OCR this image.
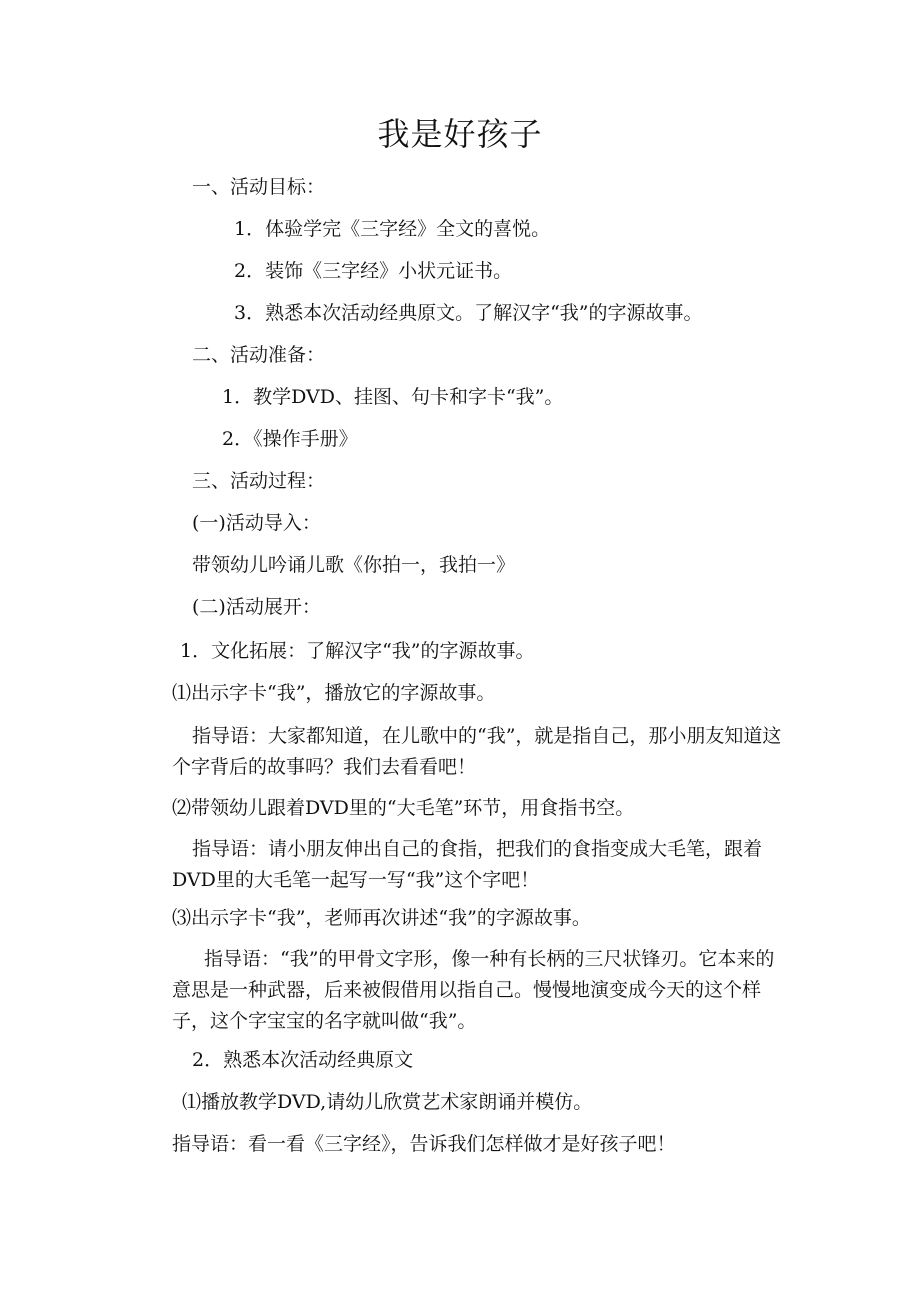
我是好孩子
一、活动目标：
1．体验学完《三字经》全文的喜悦。
2．装饰《三字经》小状元证书。
3．熟悉本次活动经典原文。了解汉字“我”的字源故事。
二、活动准备：
1．教学DVD、挂图、句卡和字卡“我”。
2．《操作手册》
三、活动过程：
(一)活动导入：
带领幼儿吟诵儿歌《你拍一，我拍一》
(二)活动展开：
1．文化拓展：了解汉字“我”的字源故事。
⑴出示字卡“我”，播放它的字源故事。
指导语：大家都知道，在儿歌中的“我”，就是指自己，那小朋友知道这个字背后的故事吗？我们去看看吧！
⑵带领幼儿跟着DVD里的“大毛笔”环节，用食指书空。
指导语：请小朋友伸出自己的食指，把我们的食指变成大毛笔，跟着DVD里的大毛笔一起写一写“我”这个字吧！
⑶出示字卡“我”，老师再次讲述“我”的字源故事。
指导语：“我”的甲骨文字形，像一种有长柄的三尺状锋刃。它本来的意思是一种武器，后来被假借用以指自己。慢慢地演变成今天的这个样子，这个字宝宝的名字就叫做“我”。
2．熟悉本次活动经典原文
⑴播放教学DVD,请幼儿欣赏艺术家朗诵并模仿。
指导语：看一看《三字经》，告诉我们怎样做才是好孩子吧！
